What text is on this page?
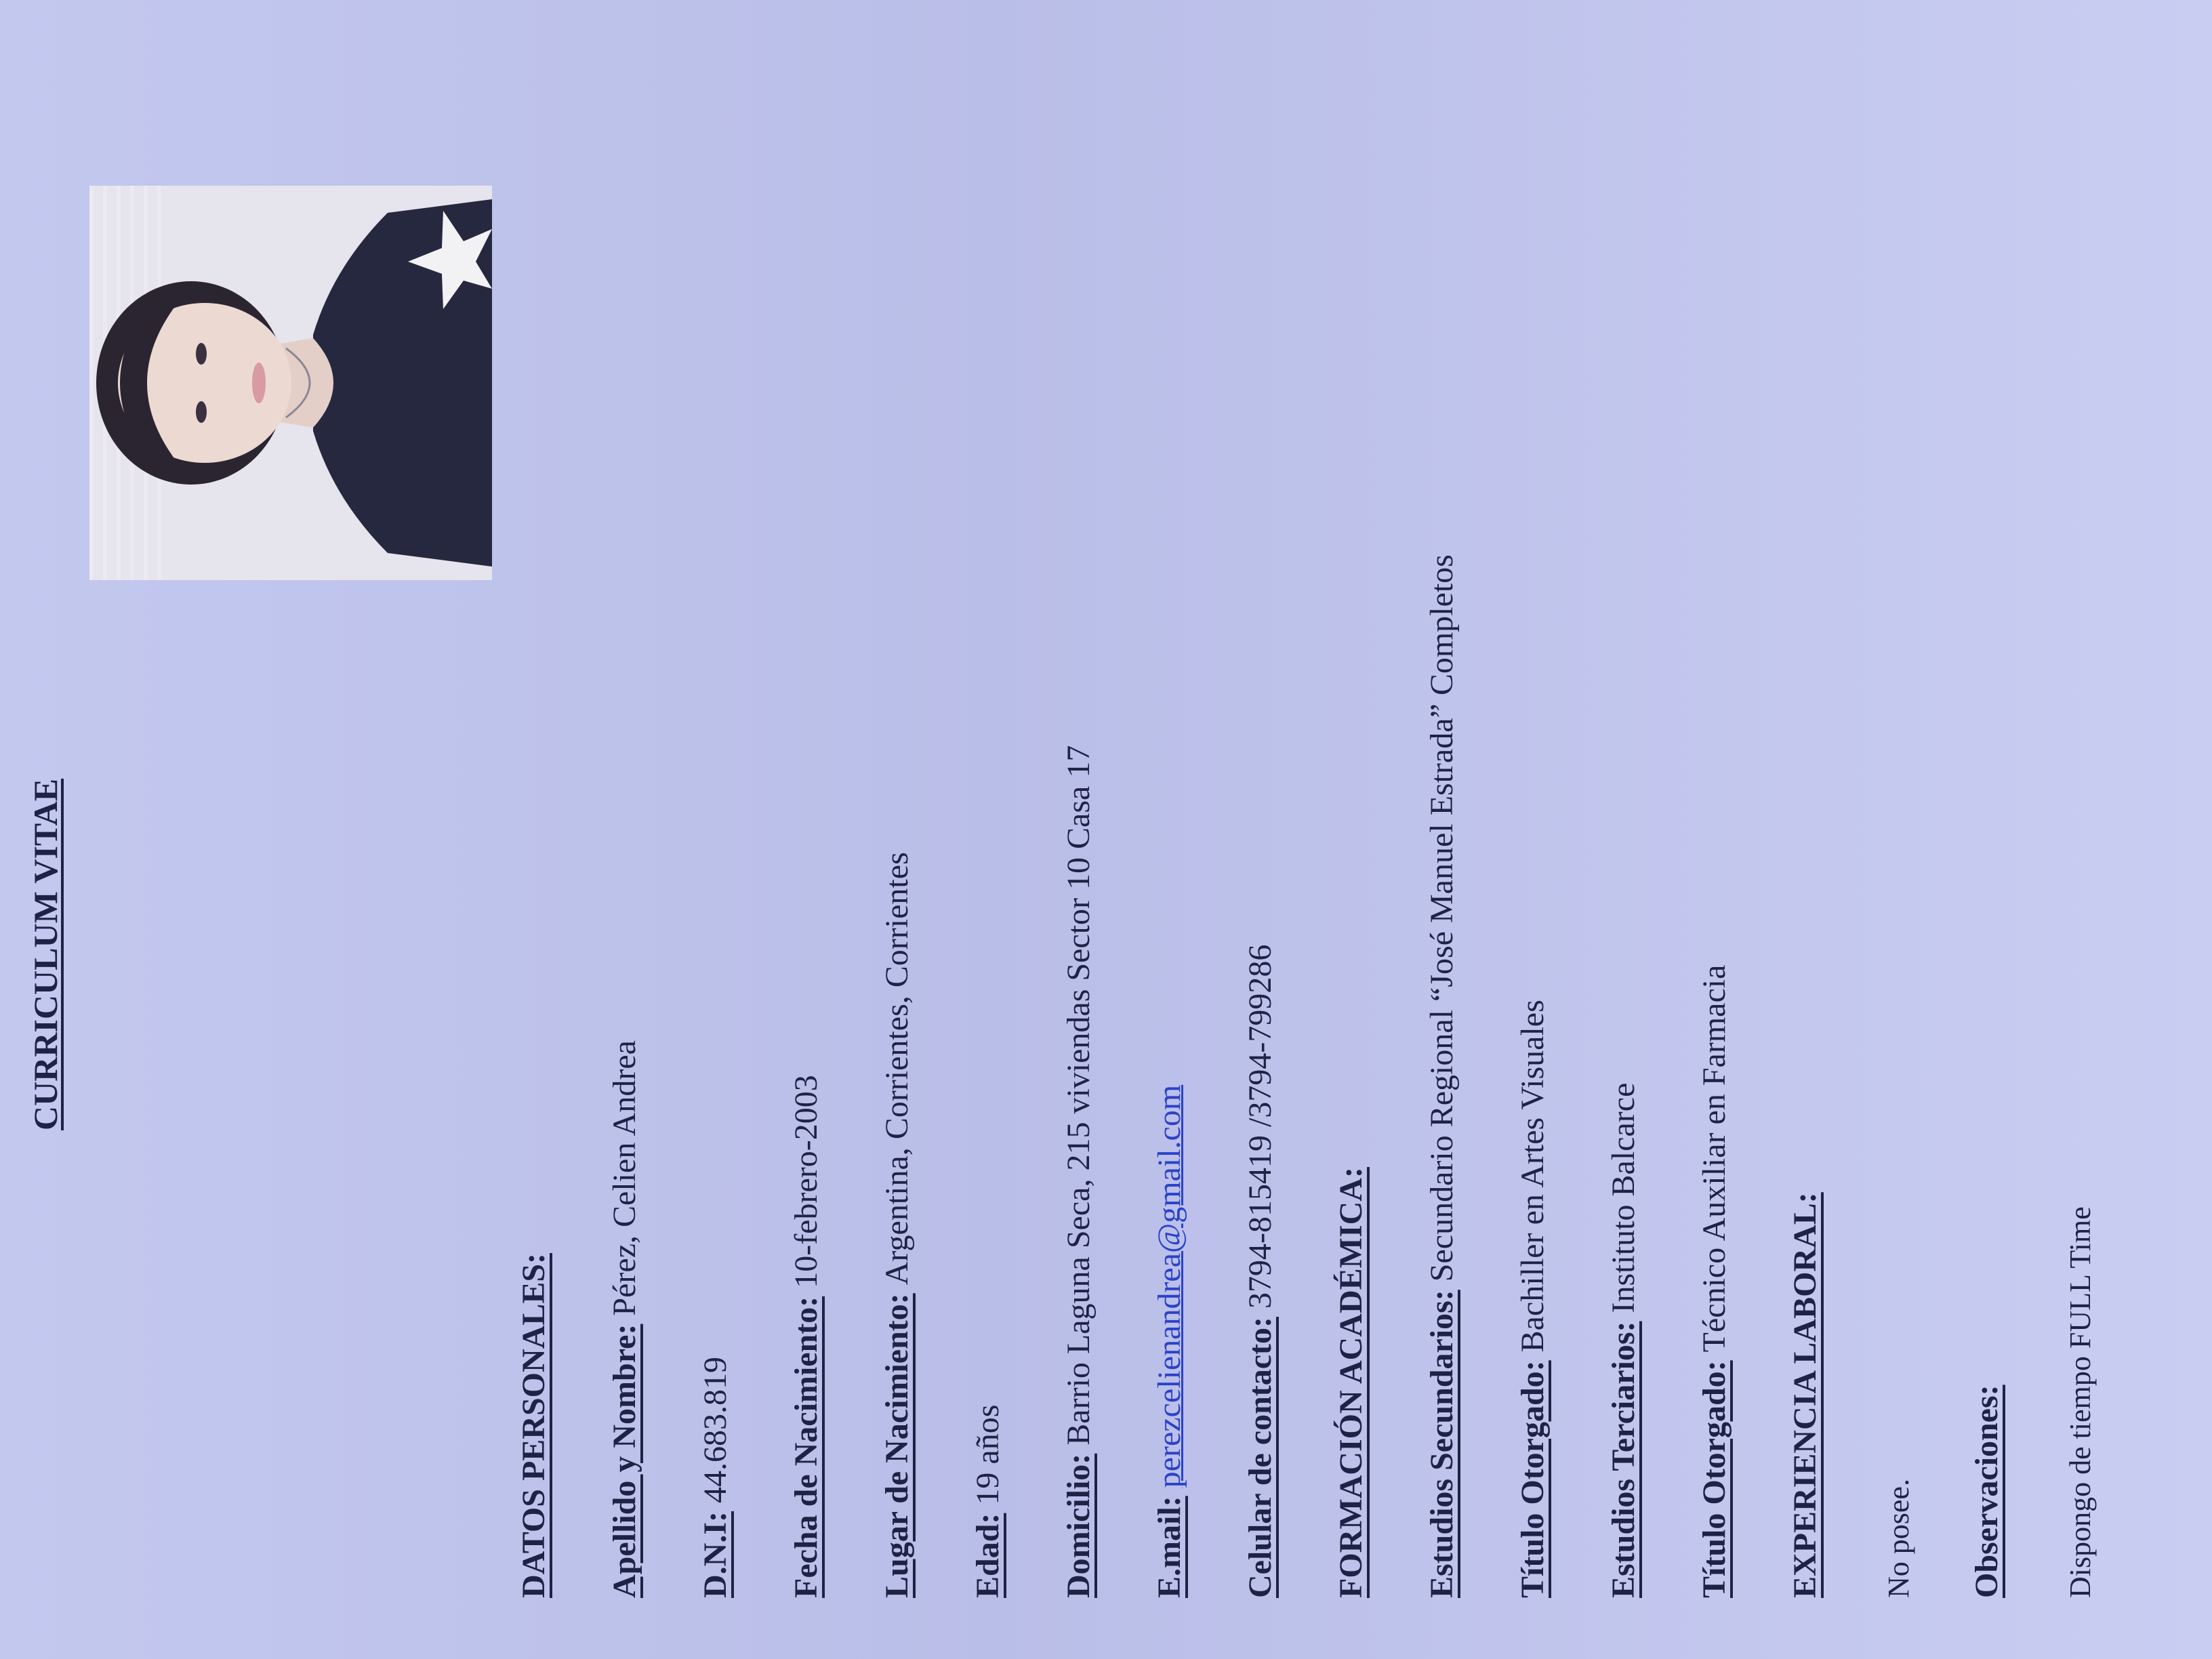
CURRICULUM VITAE
DATOS PERSONALES: Apellido y Nombre:Pérez, Celien Andrea
D.N.I:44.683.819 Fecha de Nacimiento:10-febrero-2003
Lugar de Nacimiento:Argentina, Corrientes, Corrientes
Edad:19 años Domicilio:Barrio Laguna Seca, 215 viviendas Sector 10 Casa 17
E.mail:perezcelienandrea@gmail.com Celular de contacto:3794-815419 /3794-799286
FORMACIÓN ACADÉMICA: Estudios Secundarios:Secundario Regional “José Manuel Estrada” Completos
Título Otorgado:Bachiller en Artes Visuales
Estudios Terciarios:Instituto Balcarce
Título Otorgado:Técnico Auxiliar en Farmacia
EXPERIENCIA LABORAL: No posee. Observaciones: Dispongo de tiempo FULL Time
